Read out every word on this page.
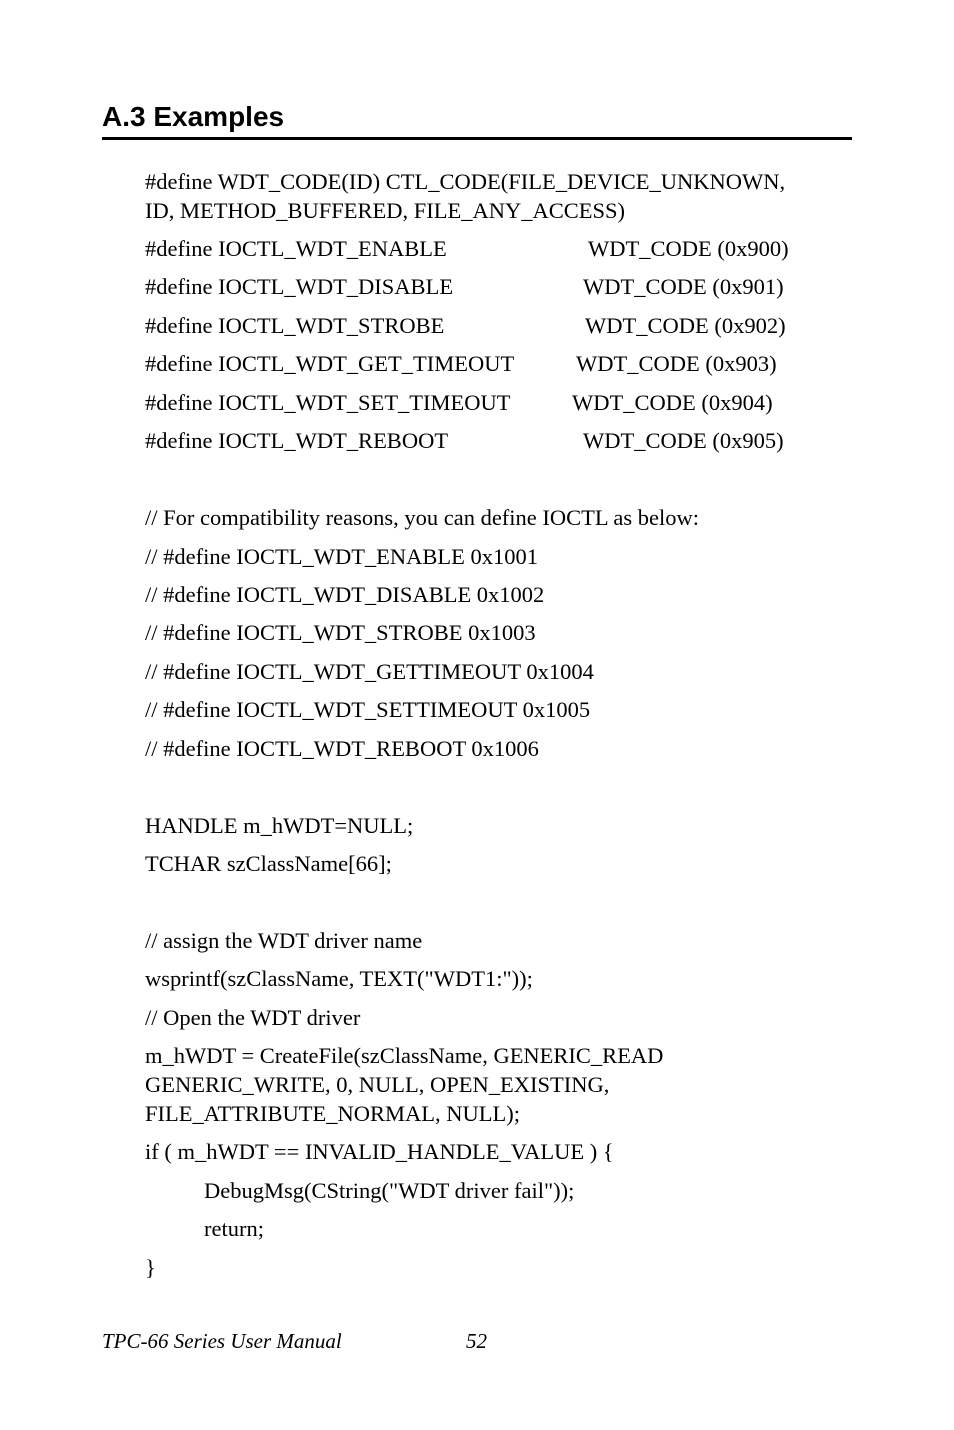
A.3 Examples
#define WDT_CODE(ID) CTL_CODE(FILE_DEVICE_UNKNOWN,
ID, METHOD_BUFFERED, FILE_ANY_ACCESS)
#define IOCTL_WDT_ENABLE	WDT_CODE (0x900)
#define IOCTL_WDT_DISABLE	WDT_CODE (0x901)
#define IOCTL_WDT_STROBE	WDT_CODE (0x902)
#define IOCTL_WDT_GET_TIMEOUT	WDT_CODE (0x903)
#define IOCTL_WDT_SET_TIMEOUT	WDT_CODE (0x904)
#define IOCTL_WDT_REBOOT	WDT_CODE (0x905)
// For compatibility reasons, you can define IOCTL as below:
// #define IOCTL_WDT_ENABLE 0x1001
// #define IOCTL_WDT_DISABLE 0x1002
// #define IOCTL_WDT_STROBE 0x1003
// #define IOCTL_WDT_GETTIMEOUT 0x1004
// #define IOCTL_WDT_SETTIMEOUT 0x1005
// #define IOCTL_WDT_REBOOT 0x1006
HANDLE m_hWDT=NULL;
TCHAR szClassName[66];
// assign the WDT driver name
wsprintf(szClassName, TEXT("WDT1:"));
// Open the WDT driver
m_hWDT = CreateFile(szClassName, GENERIC_READ
GENERIC_WRITE, 0, NULL, OPEN_EXISTING,
FILE_ATTRIBUTE_NORMAL, NULL);
if ( m_hWDT == INVALID_HANDLE_VALUE ) {
DebugMsg(CString("WDT driver fail"));
return;
}
TPC-66 Series User Manual	52
